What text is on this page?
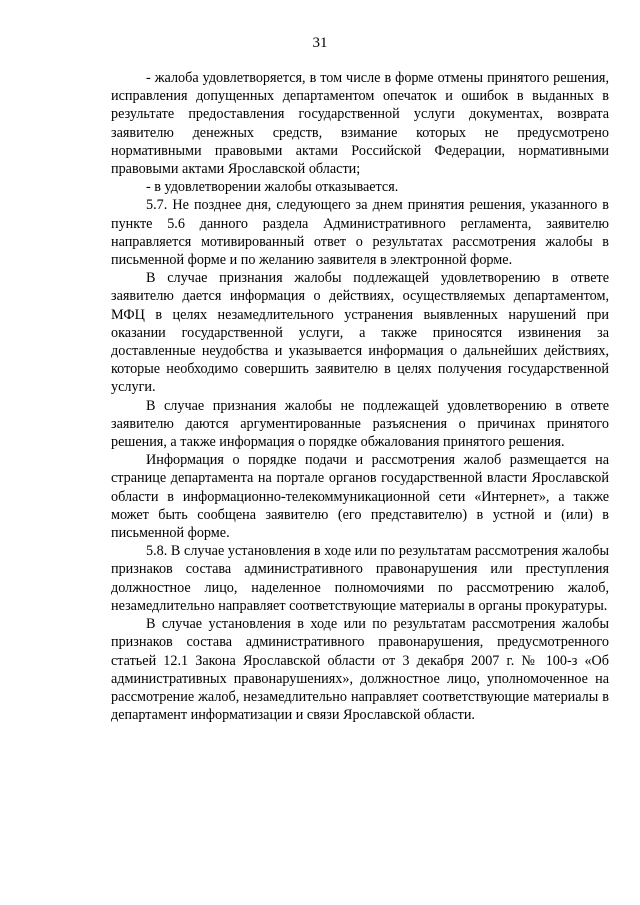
31

- жалоба удовлетворяется, в том числе в форме отмены принятого решения, исправления допущенных департаментом опечаток и ошибок в выданных в результате предоставления государственной услуги документах, возврата заявителю денежных средств, взимание которых не предусмотрено нормативными правовыми актами Российской Федерации, нормативными правовыми актами Ярославской области;

- в удовлетворении жалобы отказывается.

5.7. Не позднее дня, следующего за днем принятия решения, указанного в пункте 5.6 данного раздела Административного регламента, заявителю направляется мотивированный ответ о результатах рассмотрения жалобы в письменной форме и по желанию заявителя в электронной форме.

В случае признания жалобы подлежащей удовлетворению в ответе заявителю дается информация о действиях, осуществляемых департаментом, МФЦ в целях незамедлительного устранения выявленных нарушений при оказании государственной услуги, а также приносятся извинения за доставленные неудобства и указывается информация о дальнейших действиях, которые необходимо совершить заявителю в целях получения государственной услуги.

В случае признания жалобы не подлежащей удовлетворению в ответе заявителю даются аргументированные разъяснения о причинах принятого решения, а также информация о порядке обжалования принятого решения.

Информация о порядке подачи и рассмотрения жалоб размещается на странице департамента на портале органов государственной власти Ярославской области в информационно-телекоммуникационной сети «Интернет», а также может быть сообщена заявителю (его представителю) в устной и (или) в письменной форме.

5.8. В случае установления в ходе или по результатам рассмотрения жалобы признаков состава административного правонарушения или преступления должностное лицо, наделенное полномочиями по рассмотрению жалоб, незамедлительно направляет соответствующие материалы в органы прокуратуры.

В случае установления в ходе или по результатам рассмотрения жалобы признаков состава административного правонарушения, предусмотренного статьей 12.1 Закона Ярославской области от 3 декабря 2007 г. № 100-з «Об административных правонарушениях», должностное лицо, уполномоченное на рассмотрение жалоб, незамедлительно направляет соответствующие материалы в департамент информатизации и связи Ярославской области.
